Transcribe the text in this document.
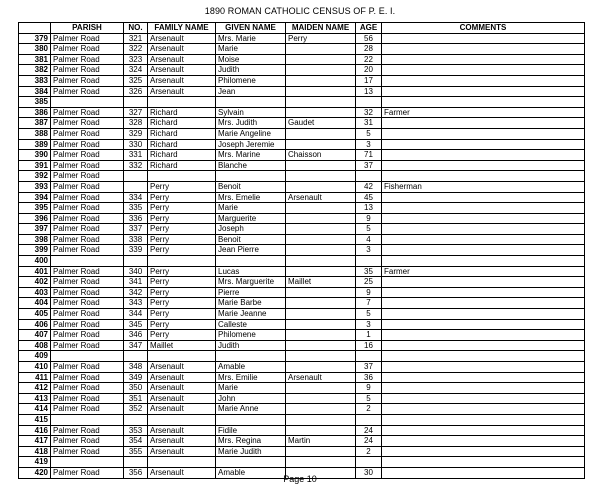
1890 ROMAN CATHOLIC CENSUS OF P. E. I.
	PARISH	NO.	FAMILY NAME	GIVEN NAME	MAIDEN NAME	AGE	COMMENTS
379	Palmer Road	321	Arsenault	Mrs. Marie	Perry	56	
380	Palmer Road	322	Arsenault	Marie		28	
381	Palmer Road	323	Arsenault	Moise		22	
382	Palmer Road	324	Arsenault	Judith		20	
383	Palmer Road	325	Arsenault	Philomene		17	
384	Palmer Road	326	Arsenault	Jean		13	
385							
386	Palmer Road	327	Richard	Sylvain		32	Farmer
387	Palmer Road	328	Richard	Mrs. Judith	Gaudet	31	
388	Palmer Road	329	Richard	Marie Angeline		5	
389	Palmer Road	330	Richard	Joseph Jeremie		3	
390	Palmer Road	331	Richard	Mrs. Marine	Chaisson	71	
391	Palmer Road	332	Richard	Blanche		37	
392	Palmer Road						
393	Palmer Road		Perry	Benoit		42	Fisherman
394	Palmer Road	334	Perry	Mrs. Emelie	Arsenault	45	
395	Palmer Road	335	Perry	Marie		13	
396	Palmer Road	336	Perry	Marguerite		9	
397	Palmer Road	337	Perry	Joseph		5	
398	Palmer Road	338	Perry	Benoit		4	
399	Palmer Road	339	Perry	Jean Pierre		3	
400							
401	Palmer Road	340	Perry	Lucas		35	Farmer
402	Palmer Road	341	Perry	Mrs. Marguerite	Maillet	25	
403	Palmer Road	342	Perry	Pierre		9	
404	Palmer Road	343	Perry	Marie Barbe		7	
405	Palmer Road	344	Perry	Marie Jeanne		5	
406	Palmer Road	345	Perry	Calleste		3	
407	Palmer Road	346	Perry	Philomene		1	
408	Palmer Road	347	Maillet	Judith		16	
409							
410	Palmer Road	348	Arsenault	Amable		37	
411	Palmer Road	349	Arsenault	Mrs. Emilie	Arsenault	36	
412	Palmer Road	350	Arsenault	Marie		9	
413	Palmer Road	351	Arsenault	John		5	
414	Palmer Road	352	Arsenault	Marie Anne		2	
415							
416	Palmer Road	353	Arsenault	Fidile		24	
417	Palmer Road	354	Arsenault	Mrs. Regina	Martin	24	
418	Palmer Road	355	Arsenault	Marie Judith		2	
419							
420	Palmer Road	356	Arsenault	Amable		30	
Page 10
